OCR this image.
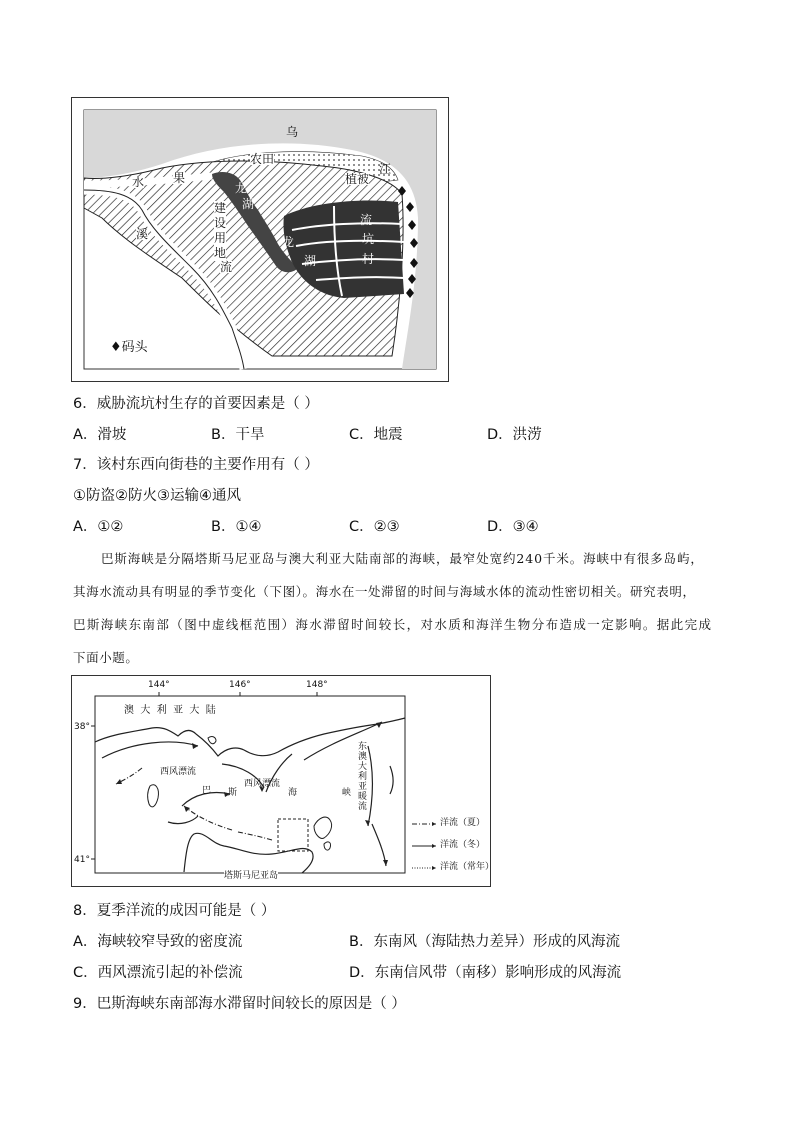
乌
江
农田
植被
水 果
龙
湖
龙
湖
建
设
用
地
溪
流
流
坑
村
♦码头
6．威胁流坑村生存的首要因素是（ ）
A．滑坡	B．干旱	C．地震	D．洪涝
7．该村东西向街巷的主要作用有（ ）
①防盗②防火③运输④通风
A．①②	B．①④	C．②③	D．③④

巴斯海峡是分隔塔斯马尼亚岛与澳大利亚大陆南部的海峡，最窄处宽约240千米。海峡中有很多岛屿，

其海水流动具有明显的季节变化（下图）。海水在一处滞留的时间与海域水体的流动性密切相关。研究表明，

巴斯海峡东南部（图中虚线框范围）海水滞留时间较长，对水质和海洋生物分布造成一定影响。据此完成

下面小题。

144°	146°	148°
38°
41°
澳  大  利  亚  大  陆
西风漂流
西风漂流
巴 斯	海	峡
东
澳
大
利
亚
暖
流
塔斯马尼亚岛
洋流（夏）
洋流（冬）
洋流（常年）
8．夏季洋流的成因可能是（ ）
A．海峡较窄导致的密度流	B．东南风（海陆热力差异）形成的风海流
C．西风漂流引起的补偿流	D．东南信风带（南移）影响形成的风海流
9．巴斯海峡东南部海水滞留时间较长的原因是（ ）
